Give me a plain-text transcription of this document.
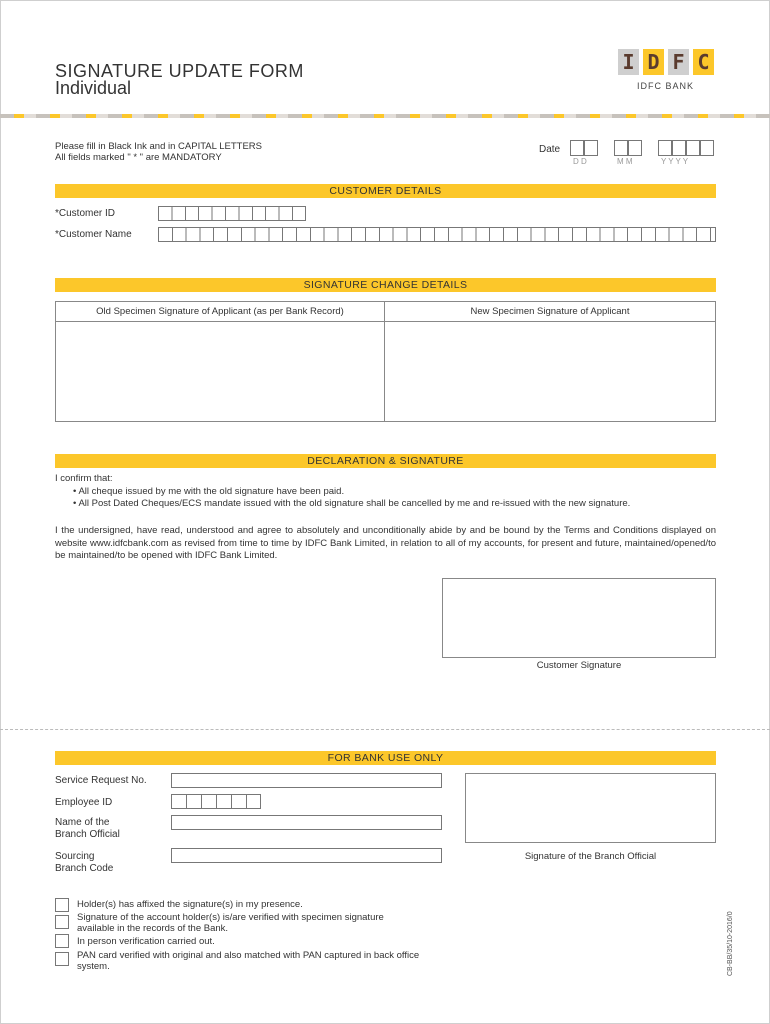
SIGNATURE UPDATE FORM
Individual
I D F C
IDFC BANK
Please fill in Black Ink and in CAPITAL LETTERS
All fields marked " * " are MANDATORY
Date
D D	M M	Y Y Y Y
CUSTOMER DETAILS
*Customer ID
*Customer Name
SIGNATURE CHANGE DETAILS
Old Specimen Signature of Applicant (as per Bank Record)	New Specimen Signature of Applicant
DECLARATION & SIGNATURE
I confirm that:
• All cheque issued by me with the old signature have been paid.
• All Post Dated Cheques/ECS mandate issued with the old signature shall be cancelled by me and re-issued with the new signature.
I the undersigned, have read, understood and agree to absolutely and unconditionally abide by and be bound by the Terms and Conditions displayed on website www.idfcbank.com as revised from time to time by IDFC Bank Limited, in relation to all of my accounts, for present and future, maintained/opened/to be maintained/to be opened with IDFC Bank Limited.
Customer Signature
FOR BANK USE ONLY
Service Request No.
Employee ID
Name of the
Branch Official
Sourcing
Branch Code
Signature of the Branch Official
Holder(s) has affixed the signature(s) in my presence.
Signature of the account holder(s) is/are verified with specimen signature available in the records of the Bank.
In person verification carried out.
PAN card verified with original and also matched with PAN captured in back office system.	CB-BB/35/10-2016/0
